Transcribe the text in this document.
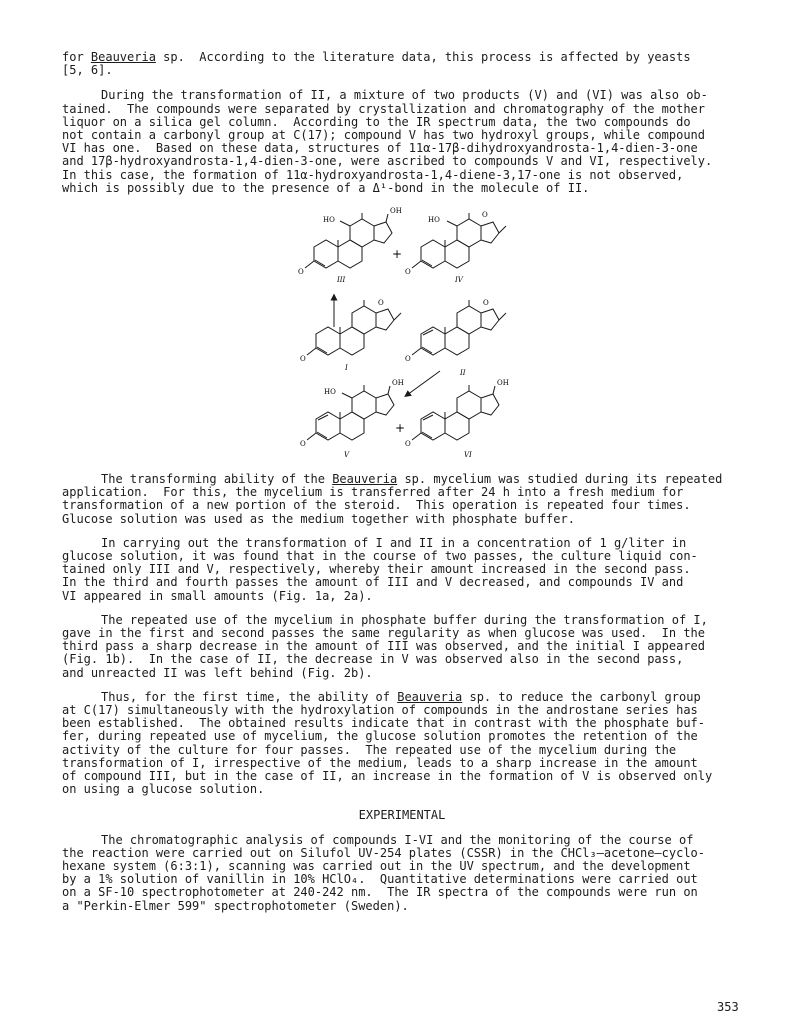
for Beauveria sp.  According to the literature data, this process is affected by yeasts
[5, 6].

During the transformation of II, a mixture of two products (V) and (VI) was also ob-
tained.  The compounds were separated by crystallization and chromatography of the mother
liquor on a silica gel column.  According to the IR spectrum data, the two compounds do
not contain a carbonyl group at C(17); compound V has two hydroxyl groups, while compound
VI has one.  Based on these data, structures of 11α-17β-dihydroxyandrosta-1,4-dien-3-one
and 17β-hydroxyandrosta-1,4-dien-3-one, were ascribed to compounds V and VI, respectively.
In this case, the formation of 11α-hydroxyandrosta-1,4-diene-3,17-one is not observed,
which is possibly due to the presence of a Δ¹-bond in the molecule of II.

HO
OH
O
III
+
HO
O
O
IV
O
O
I
O
O
II
HO
OH
O
V
+
OH
O
VI

The transforming ability of the Beauveria sp. mycelium was studied during its repeated
application.  For this, the mycelium is transferred after 24 h into a fresh medium for
transformation of a new portion of the steroid.  This operation is repeated four times.
Glucose solution was used as the medium together with phosphate buffer.

In carrying out the transformation of I and II in a concentration of 1 g/liter in
glucose solution, it was found that in the course of two passes, the culture liquid con-
tained only III and V, respectively, whereby their amount increased in the second pass.
In the third and fourth passes the amount of III and V decreased, and compounds IV and
VI appeared in small amounts (Fig. 1a, 2a).

The repeated use of the mycelium in phosphate buffer during the transformation of I,
gave in the first and second passes the same regularity as when glucose was used.  In the
third pass a sharp decrease in the amount of III was observed, and the initial I appeared
(Fig. 1b).  In the case of II, the decrease in V was observed also in the second pass,
and unreacted II was left behind (Fig. 2b).

Thus, for the first time, the ability of Beauveria sp. to reduce the carbonyl group
at C(17) simultaneously with the hydroxylation of compounds in the androstane series has
been established.  The obtained results indicate that in contrast with the phosphate buf-
fer, during repeated use of mycelium, the glucose solution promotes the retention of the
activity of the culture for four passes.  The repeated use of the mycelium during the
transformation of I, irrespective of the medium, leads to a sharp increase in the amount
of compound III, but in the case of II, an increase in the formation of V is observed only
on using a glucose solution.

EXPERIMENTAL

The chromatographic analysis of compounds I-VI and the monitoring of the course of
the reaction were carried out on Silufol UV-254 plates (CSSR) in the CHCl₃–acetone–cyclo-
hexane system (6:3:1), scanning was carried out in the UV spectrum, and the development
by a 1% solution of vanillin in 10% HClO₄.  Quantitative determinations were carried out
on a SF-10 spectrophotometer at 240-242 nm.  The IR spectra of the compounds were run on
a "Perkin-Elmer 599" spectrophotometer (Sweden).

353
